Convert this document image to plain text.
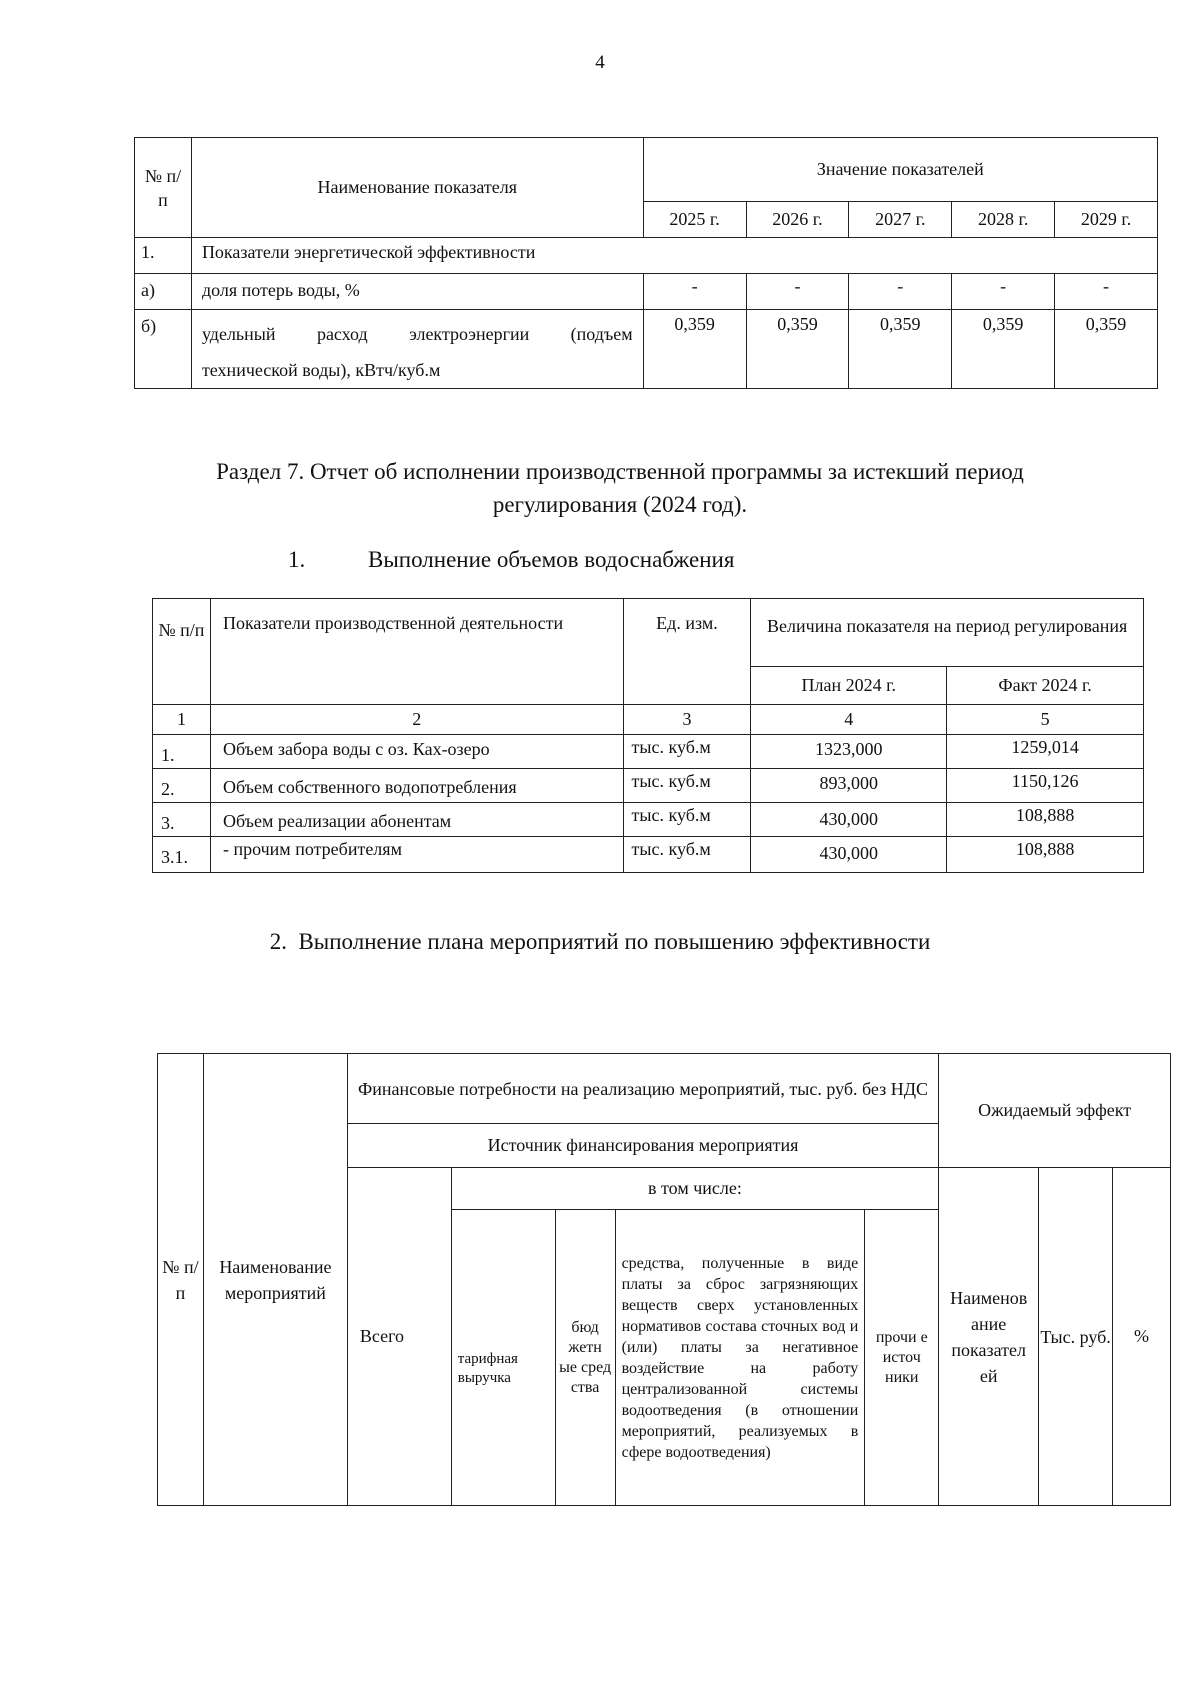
4
№ п/п	Наименование показателя	Значение показателей				
		2025 г.	2026 г.	2027 г.	2028 г.	2029 г.
1.	Показатели энергетической эффективности					
а)	доля потерь воды, %	-	-	-	-	-
б)	удельный расход электроэнергии (подъем
технической воды), кВтч/куб.м	0,359	0,359	0,359	0,359	0,359
Раздел 7. Отчет об исполнении производственной программы за истекший период регулирования (2024 год).
1.	Выполнение объемов водоснабжения
№ п/п	Показатели производственной деятельности	Ед. изм.	Величина показателя на период регулирования	
			План 2024 г.	Факт 2024 г.
1	2	3	4	5
1.	Объем забора воды с оз. Ках-озеро	тыс. куб.м	1323,000	1259,014
2.	Объем собственного водопотребления	тыс. куб.м	893,000	1150,126
3.	Объем реализации абонентам	тыс. куб.м	430,000	108,888
3.1.	- прочим потребителям	тыс. куб.м	430,000	108,888
2. Выполнение плана мероприятий по повышению эффективности
№ п/п	Наименование мероприятий	Финансовые потребности на реализацию мероприятий, тыс. руб. без НДС					Ожидаемый эффект		
		Источник финансирования мероприятия							
		Всего	в том числе:				Наименов ание показател ей	Тыс. руб.	%
			тарифная выручка	бюд жетн ые сред ства	средства, полученные в виде платы за сброс загрязняющих веществ сверх установленных нормативов состава сточных вод и (или) платы за негативное воздействие на работу централизованной системы водоотведения (в отношении мероприятий, реализуемых в сфере водоотведения)	прочи е источ ники			
